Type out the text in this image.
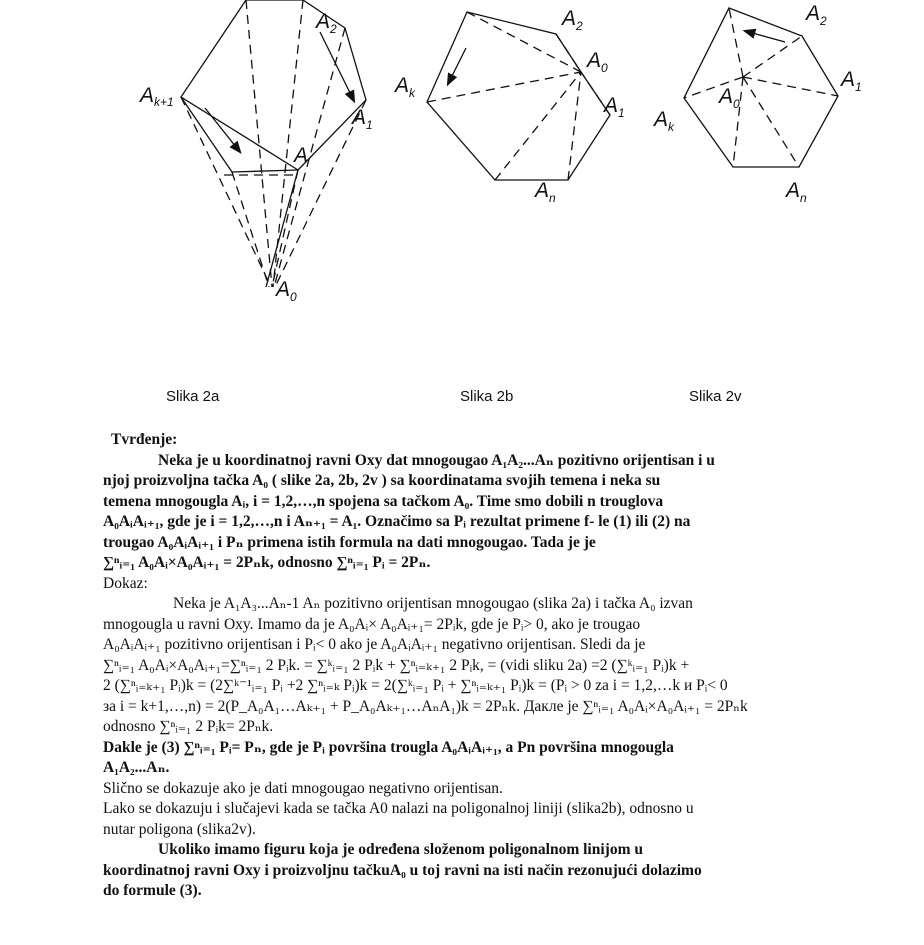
Ak+1
$A_2$
$A_1$
A
$A_0$
$A_k$
$A_2$
$A_0$
$A_1$
$A_n$
$A_2$
$A_1$
$A_0$
$A_k$
$A_n$
Slika 2a	Slika 2b	Slika 2v
Tvrđenje:
Neka je u koordinatnoj ravni Oxy dat mnogougao A₁A₂...Aₙ pozitivno orijentisan i u
njoj proizvoljna tačka A₀ ( slike 2a, 2b, 2v ) sa koordinatama svojih temena i neka su
temena mnogougla Aᵢ, i = 1,2,…,n spojena sa tačkom A₀. Time smo dobili n trouglova
A₀AᵢAᵢ₊₁, gde je i = 1,2,…,n i Aₙ₊₁ = A₁. Označimo sa Pᵢ rezultat primene f- le (1) ili (2) na
trougao A₀AᵢAᵢ₊₁ i Pₙ primena istih formula na dati mnogougao. Tada je je
∑ⁿᵢ₌₁ A₀Aᵢ×A₀Aᵢ₊₁ = 2Pₙk, odnosno ∑ⁿᵢ₌₁ Pᵢ = 2Pₙ.
Dokaz:
Neka je A₁A₃...Aₙ-1 Aₙ pozitivno orijentisan mnogougao (slika 2a) i tačka A₀ izvan
mnogougla u ravni Oxy. Imamo da je A₀Aᵢ× A₀Aᵢ₊₁= 2Pᵢk, gde je Pᵢ> 0, ako je trougao
A₀AᵢAᵢ₊₁ pozitivno orijentisan i Pᵢ< 0 ako je A₀AᵢAᵢ₊₁ negativno orijentisan. Sledi da je
∑ⁿᵢ₌₁ A₀Aᵢ×A₀Aᵢ₊₁=∑ⁿᵢ₌₁ 2 Pᵢk. = ∑ᵏᵢ₌₁ 2 Pᵢk + ∑ⁿᵢ₌ₖ₊₁ 2 Pᵢk, = (vidi sliku 2a) =2 (∑ᵏᵢ₌₁ Pᵢ)k +
2 (∑ⁿᵢ₌ₖ₊₁ Pᵢ)k = (2∑ᵏ⁻¹ᵢ₌₁ Pᵢ +2 ∑ⁿᵢ₌ₖ Pᵢ)k = 2(∑ᵏᵢ₌₁ Pᵢ + ∑ⁿᵢ₌ₖ₊₁ Pᵢ)k = (Pᵢ > 0 za i = 1,2,…k и Pᵢ< 0
за i = k+1,…,n) = 2(P_A₀A₁…Aₖ₊₁ + P_A₀Aₖ₊₁…AₙA₁)k = 2Pₙk. Дакле је ∑ⁿᵢ₌₁ A₀Aᵢ×A₀Aᵢ₊₁ = 2Pₙk
odnosno ∑ⁿᵢ₌₁ 2 Pᵢk= 2Pₙk.
Dakle je (3) ∑ⁿᵢ₌₁ Pᵢ= Pₙ, gde je Pᵢ površina trougla A₀AᵢAᵢ₊₁, a Pn površina mnogougla
A₁A₂...Aₙ.
Slično se dokazuje ako je dati mnogougao negativno orijentisan.
Lako se dokazuju i slučajevi kada se tačka A0 nalazi na poligonalnoj liniji (slika2b), odnosno u
nutar poligona (slika2v).
Ukoliko imamo figuru koja je određena složenom poligonalnom linijom u
koordinatnoj ravni Oxy i proizvoljnu tačkuA₀ u toj ravni na isti način rezonujući dolazimo
do formule (3).
